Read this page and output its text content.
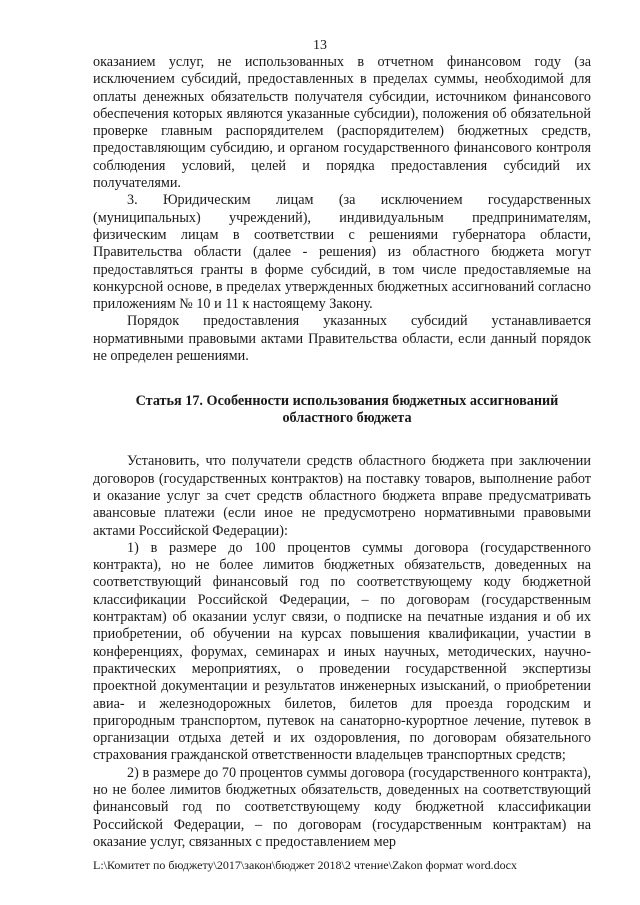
13

оказанием услуг, не использованных в отчетном финансовом году (за исключением субсидий, предоставленных в пределах суммы, необходимой для оплаты денежных обязательств получателя субсидии, источником финансового обеспечения которых являются указанные субсидии), положения об обязательной проверке главным распорядителем (распорядителем) бюджетных средств, предоставляющим субсидию, и органом государственного финансового контроля соблюдения условий, целей и порядка предоставления субсидий их получателями.

3. Юридическим лицам (за исключением государственных (муниципальных) учреждений), индивидуальным предпринимателям, физическим лицам в соответствии с решениями губернатора области, Правительства области (далее - решения) из областного бюджета могут предоставляться гранты в форме субсидий, в том числе предоставляемые на конкурсной основе, в пределах утвержденных бюджетных ассигнований согласно приложениям № 10 и 11 к настоящему Закону.

Порядок предоставления указанных субсидий устанавливается нормативными правовыми актами Правительства области, если данный порядок не определен решениями.

Статья 17. Особенности использования бюджетных ассигнований областного бюджета

Установить, что получатели средств областного бюджета при заключении договоров (государственных контрактов) на поставку товаров, выполнение работ и оказание услуг за счет средств областного бюджета вправе предусматривать авансовые платежи (если иное не предусмотрено нормативными правовыми актами Российской Федерации):

1) в размере до 100 процентов суммы договора (государственного контракта), но не более лимитов бюджетных обязательств, доведенных на соответствующий финансовый год по соответствующему коду бюджетной классификации Российской Федерации, – по договорам (государственным контрактам) об оказании услуг связи, о подписке на печатные издания и об их приобретении, об обучении на курсах повышения квалификации, участии в конференциях, форумах, семинарах и иных научных, методических, научно-практических мероприятиях, о проведении государственной экспертизы проектной документации и результатов инженерных изысканий, о приобретении авиа- и железнодорожных билетов, билетов для проезда городским и пригородным транспортом, путевок на санаторно-курортное лечение, путевок в организации отдыха детей и их оздоровления, по договорам обязательного страхования гражданской ответственности владельцев транспортных средств;

2) в размере до 70 процентов суммы договора (государственного контракта), но не более лимитов бюджетных обязательств, доведенных на соответствующий финансовый год по соответствующему коду бюджетной классификации Российской Федерации, – по договорам (государственным контрактам) на оказание услуг, связанных с предоставлением мер

L:\Комитет по бюджету\2017\закон\бюджет 2018\2 чтение\Zakon формат word.docx
